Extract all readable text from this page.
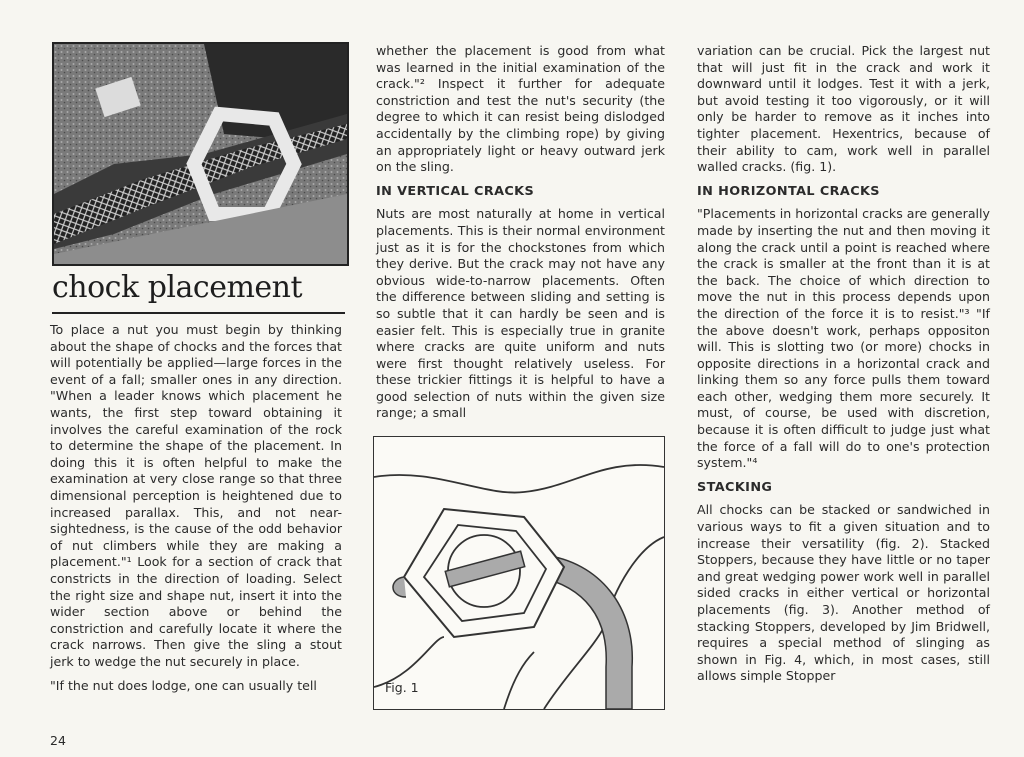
chock placement

To place a nut you must begin by thinking about the shape of chocks and the forces that will potentially be applied—large forces in the event of a fall; smaller ones in any direction. "When a leader knows which placement he wants, the first step toward obtaining it involves the careful examination of the rock to determine the shape of the placement. In doing this it is often helpful to make the examination at very close range so that three dimensional perception is heightened due to increased parallax. This, and not near-sightedness, is the cause of the odd behavior of nut climbers while they are making a placement."¹ Look for a section of crack that constricts in the direction of loading. Select the right size and shape nut, insert it into the wider section above or behind the constriction and carefully locate it where the crack narrows. Then give the sling a stout jerk to wedge the nut securely in place.

"If the nut does lodge, one can usually tell

whether the placement is good from what was learned in the initial examination of the crack."² Inspect it further for adequate constriction and test the nut's security (the degree to which it can resist being dislodged accidentally by the climbing rope) by giving an appropriately light or heavy outward jerk on the sling.

IN VERTICAL CRACKS

Nuts are most naturally at home in vertical placements. This is their normal environment just as it is for the chockstones from which they derive. But the crack may not have any obvious wide-to-narrow placements. Often the difference between sliding and setting is so subtle that it can hardly be seen and is easier felt. This is especially true in granite where cracks are quite uniform and nuts were first thought relatively useless. For these trickier fittings it is helpful to have a good selection of nuts within the given size range; a small

Fig. 1

variation can be crucial. Pick the largest nut that will just fit in the crack and work it downward until it lodges. Test it with a jerk, but avoid testing it too vigorously, or it will only be harder to remove as it inches into tighter placement. Hexentrics, because of their ability to cam, work well in parallel walled cracks. (fig. 1).

IN HORIZONTAL CRACKS

"Placements in horizontal cracks are generally made by inserting the nut and then moving it along the crack until a point is reached where the crack is smaller at the front than it is at the back. The choice of which direction to move the nut in this process depends upon the direction of the force it is to resist."³ "If the above doesn't work, perhaps oppositon will. This is slotting two (or more) chocks in opposite directions in a horizontal crack and linking them so any force pulls them toward each other, wedging them more securely. It must, of course, be used with discretion, because it is often difficult to judge just what the force of a fall will do to one's protection system."⁴

STACKING

All chocks can be stacked or sandwiched in various ways to fit a given situation and to increase their versatility (fig. 2). Stacked Stoppers, because they have little or no taper and great wedging power work well in parallel sided cracks in either vertical or horizontal placements (fig. 3). Another method of stacking Stoppers, developed by Jim Bridwell, requires a special method of slinging as shown in Fig. 4, which, in most cases, still allows simple Stopper

24
